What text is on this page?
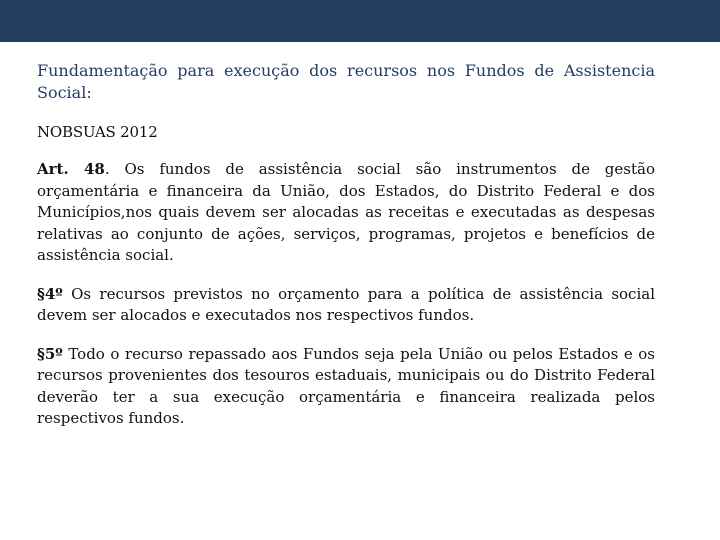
Fundamentação para execução dos recursos nos Fundos de Assistencia Social:

NOBSUAS 2012

Art. 48. Os fundos de assistência social são instrumentos de gestão orçamentária e financeira da União, dos Estados, do Distrito Federal e dos Municípios,nos quais devem ser alocadas as receitas e executadas as despesas relativas ao conjunto de ações, serviços, programas, projetos e benefícios de assistência social.

§4º Os recursos previstos no orçamento para a política de assistência social devem ser alocados e executados nos respectivos fundos.

§5º Todo o recurso repassado aos Fundos seja pela União ou pelos Estados e os recursos provenientes dos tesouros estaduais, municipais ou do Distrito Federal deverão ter a sua execução orçamentária e financeira realizada pelos respectivos fundos.
